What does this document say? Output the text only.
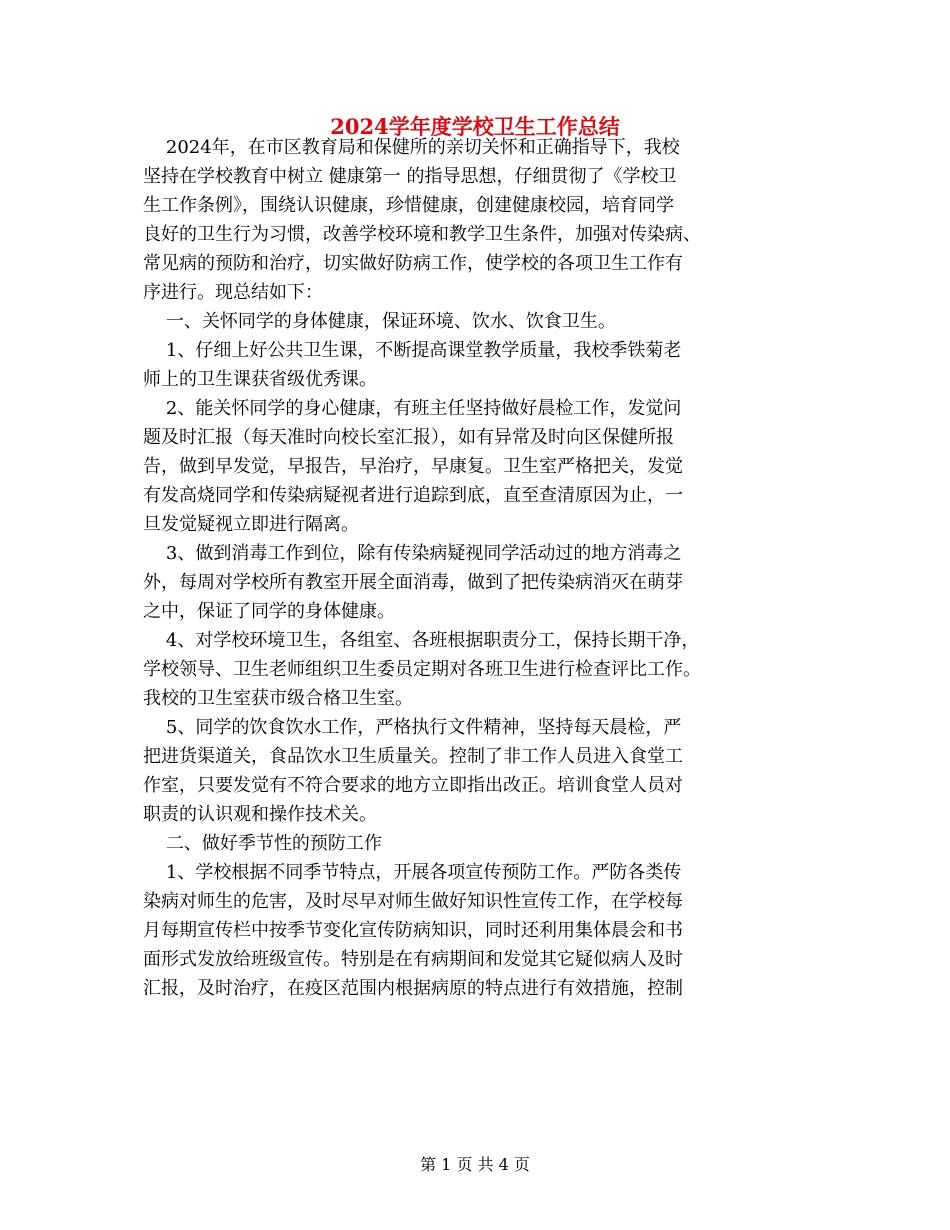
2024学年度学校卫生工作总结

2024年，在市区教育局和保健所的亲切关怀和正确指导下，我校
坚持在学校教育中树立 健康第一 的指导思想，仔细贯彻了《学校卫
生工作条例》，围绕认识健康，珍惜健康，创建健康校园，培育同学
良好的卫生行为习惯，改善学校环境和教学卫生条件，加强对传染病、
常见病的预防和治疗，切实做好防病工作，使学校的各项卫生工作有
序进行。现总结如下：

一、关怀同学的身体健康，保证环境、饮水、饮食卫生。

1、仔细上好公共卫生课，不断提高课堂教学质量，我校季铁菊老
师上的卫生课获省级优秀课。

2、能关怀同学的身心健康，有班主任坚持做好晨检工作，发觉问
题及时汇报（每天准时向校长室汇报），如有异常及时向区保健所报
告，做到早发觉，早报告，早治疗，早康复。卫生室严格把关，发觉
有发高烧同学和传染病疑视者进行追踪到底，直至查清原因为止，一
旦发觉疑视立即进行隔离。

3、做到消毒工作到位，除有传染病疑视同学活动过的地方消毒之
外，每周对学校所有教室开展全面消毒，做到了把传染病消灭在萌芽
之中，保证了同学的身体健康。

4、对学校环境卫生，各组室、各班根据职责分工，保持长期干净，
学校领导、卫生老师组织卫生委员定期对各班卫生进行检查评比工作。
我校的卫生室获市级合格卫生室。

5、同学的饮食饮水工作，严格执行文件精神，坚持每天晨检，严
把进货渠道关，食品饮水卫生质量关。控制了非工作人员进入食堂工
作室，只要发觉有不符合要求的地方立即指出改正。培训食堂人员对
职责的认识观和操作技术关。

二、做好季节性的预防工作

1、学校根据不同季节特点，开展各项宣传预防工作。严防各类传
染病对师生的危害，及时尽早对师生做好知识性宣传工作，在学校每
月每期宣传栏中按季节变化宣传防病知识，同时还利用集体晨会和书
面形式发放给班级宣传。特别是在有病期间和发觉其它疑似病人及时
汇报，及时治疗，在疫区范围内根据病原的特点进行有效措施，控制

第 1 页 共 4 页
